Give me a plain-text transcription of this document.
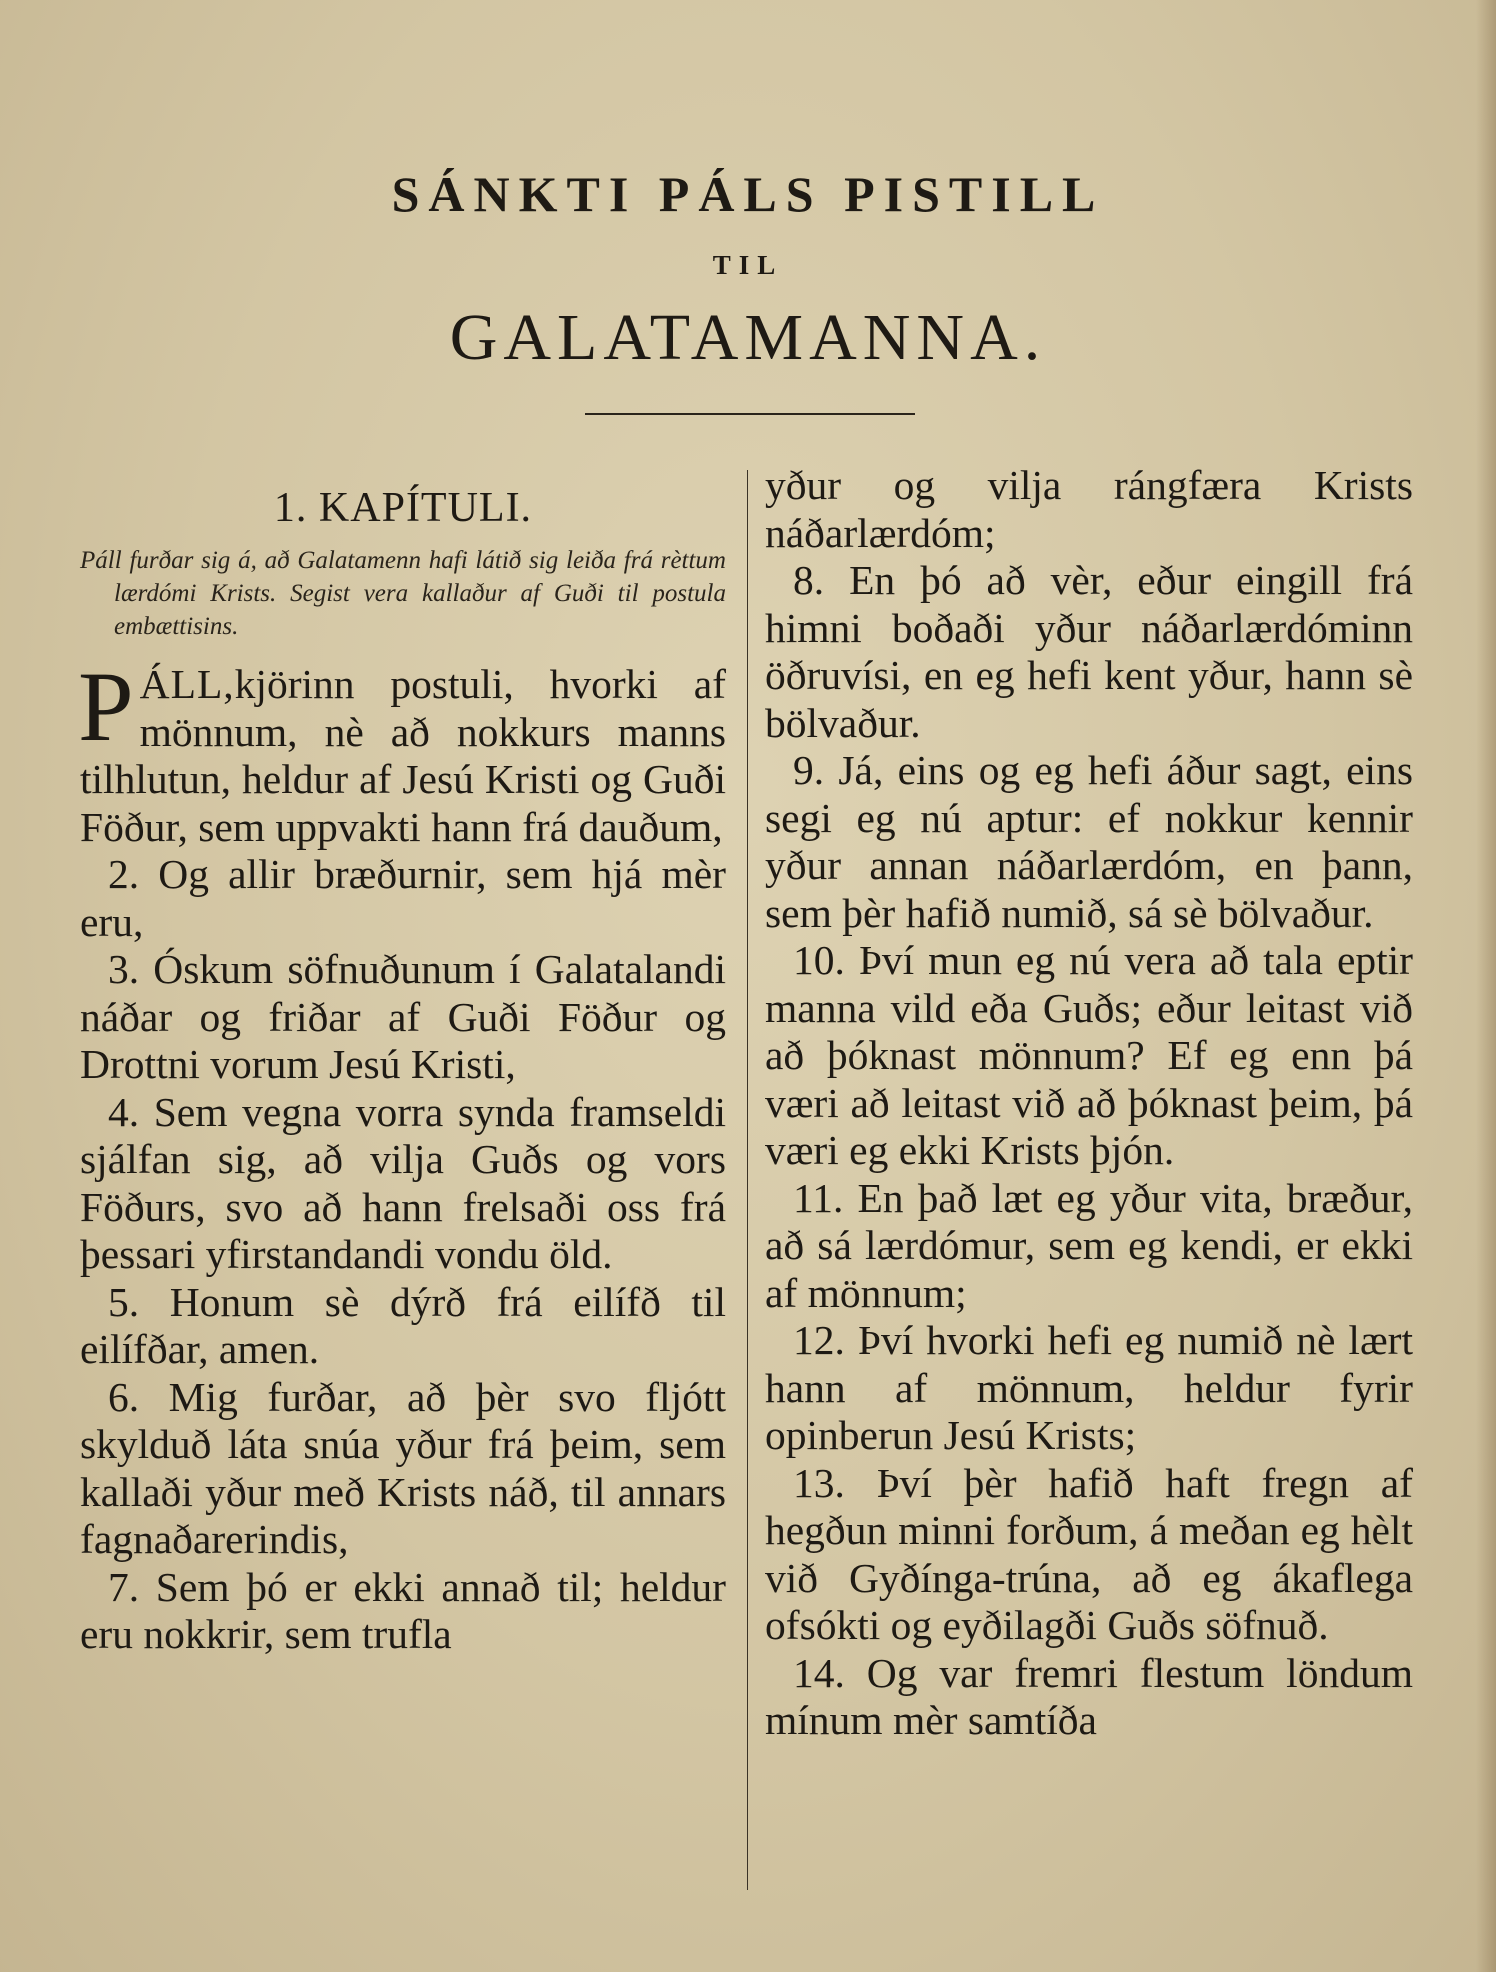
SÁNKTI PÁLS PISTILL
TIL
GALATAMANNA.
1. KAPÍTULI.
Páll furðar sig á, að Galatamenn hafi látið sig leiða frá rèttum lærdómi Krists. Segist vera kallaður af Guði til postula embættisins.

PÁLL,kjörinn postuli, hvorki af mönnum, nè að nokkurs manns tilhlutun, heldur af Jesú Kristi og Guði Föður, sem uppvakti hann frá dauðum,

2. Og allir bræðurnir, sem hjá mèr eru,

3. Óskum söfnuðunum í Galatalandi náðar og friðar af Guði Föður og Drottni vorum Jesú Kristi,

4. Sem vegna vorra synda framseldi sjálfan sig, að vilja Guðs og vors Föðurs, svo að hann frelsaði oss frá þessari yfirstandandi vondu öld.

5. Honum sè dýrð frá eilífð til eilífðar, amen.

6. Mig furðar, að þèr svo fljótt skylduð láta snúa yður frá þeim, sem kallaði yður með Krists náð, til annars fagnaðarerindis,

7. Sem þó er ekki annað til; heldur eru nokkrir, sem trufla

yður og vilja rángfæra Krists náðarlærdóm;

8. En þó að vèr, eður eingill frá himni boðaði yður náðarlærdóminn öðruvísi, en eg hefi kent yður, hann sè bölvaður.

9. Já, eins og eg hefi áður sagt, eins segi eg nú aptur: ef nokkur kennir yður annan náðarlærdóm, en þann, sem þèr hafið numið, sá sè bölvaður.

10. Því mun eg nú vera að tala eptir manna vild eða Guðs; eður leitast við að þóknast mönnum? Ef eg enn þá væri að leitast við að þóknast þeim, þá væri eg ekki Krists þjón.

11. En það læt eg yður vita, bræður, að sá lærdómur, sem eg kendi, er ekki af mönnum;

12. Því hvorki hefi eg numið nè lært hann af mönnum, heldur fyrir opinberun Jesú Krists;

13. Því þèr hafið haft fregn af hegðun minni forðum, á meðan eg hèlt við Gyðínga-trúna, að eg ákaflega ofsókti og eyðilagði Guðs söfnuð.

14. Og var fremri flestum löndum mínum mèr samtíða
